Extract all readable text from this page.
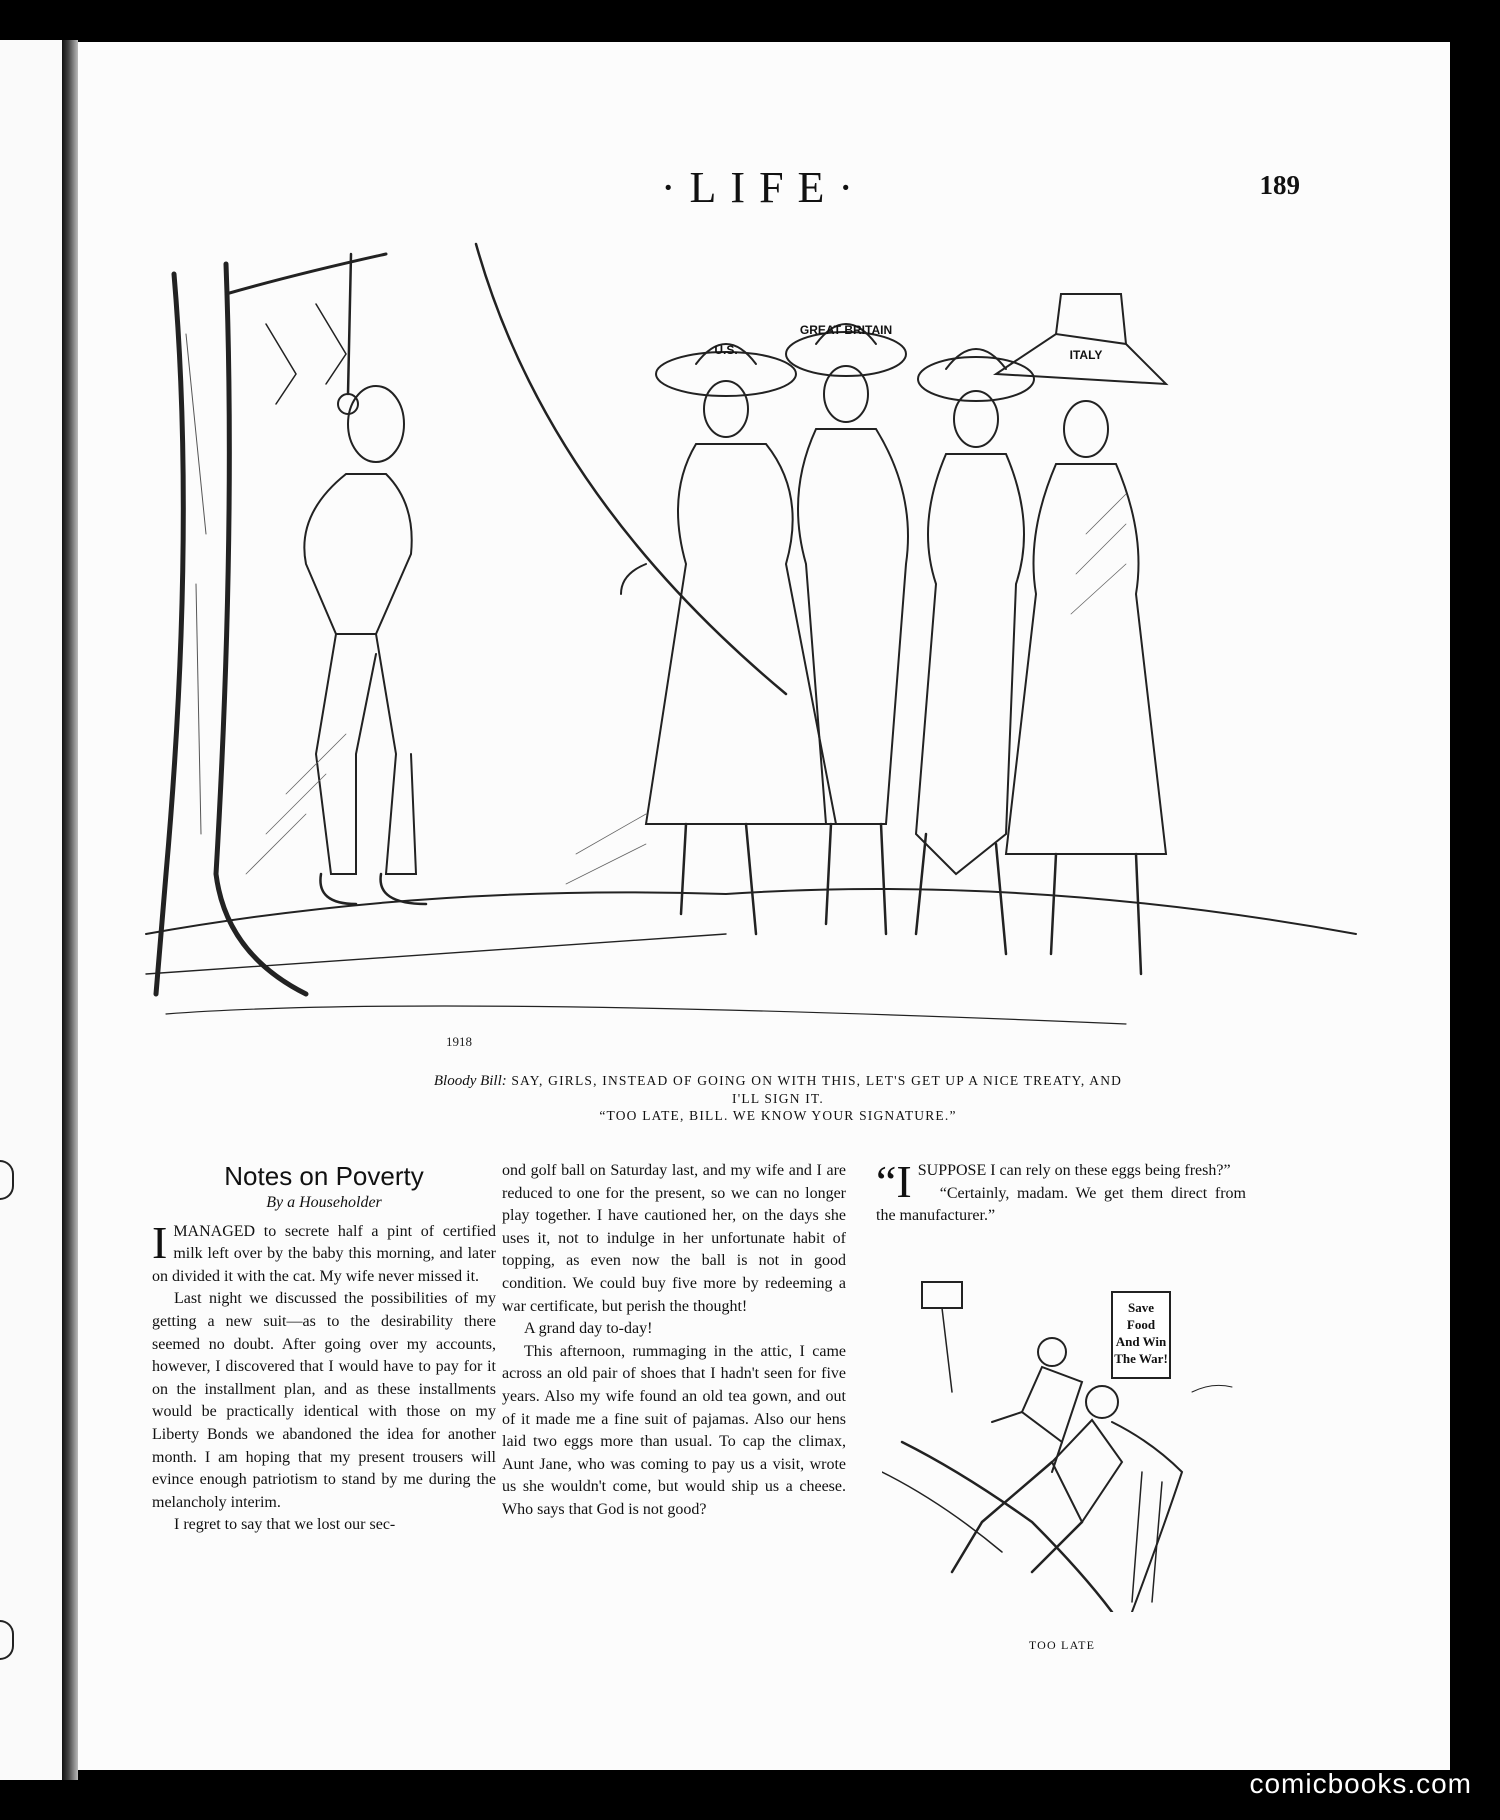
·LIFE·	189
U.S.
GREAT BRITAIN
ITALY
1918
Bloody Bill: SAY, GIRLS, INSTEAD OF GOING ON WITH THIS, LET'S GET UP A NICE TREATY, AND
I'LL SIGN IT.
“TOO LATE, BILL. WE KNOW YOUR SIGNATURE.”
Notes on Poverty
By a Householder

I MANAGED to secrete half a pint of certified milk left over by the baby this morning, and later on divided it with the cat. My wife never missed it.

Last night we discussed the possibilities of my getting a new suit—as to the desirability there seemed no doubt. After going over my accounts, however, I discovered that I would have to pay for it on the installment plan, and as these installments would be practically identical with those on my Liberty Bonds we abandoned the idea for another month. I am hoping that my present trousers will evince enough patriotism to stand by me during the melancholy interim.

I regret to say that we lost our sec-

ond golf ball on Saturday last, and my wife and I are reduced to one for the present, so we can no longer play together. I have cautioned her, on the days she uses it, not to indulge in her unfortunate habit of topping, as even now the ball is not in good condition. We could buy five more by redeeming a war certificate, but perish the thought!

A grand day to-day!

This afternoon, rummaging in the attic, I came across an old pair of shoes that I hadn't seen for five years. Also my wife found an old tea gown, and out of it made me a fine suit of pajamas. Also our hens laid two eggs more than usual. To cap the climax, Aunt Jane, who was coming to pay us a visit, wrote us she wouldn't come, but would ship us a cheese. Who says that God is not good?

“I SUPPOSE I can rely on these eggs being fresh?”

“Certainly, madam. We get them direct from the manufacturer.”

Save
Food
And Win
The War!
TOO LATE
comicbooks.com
